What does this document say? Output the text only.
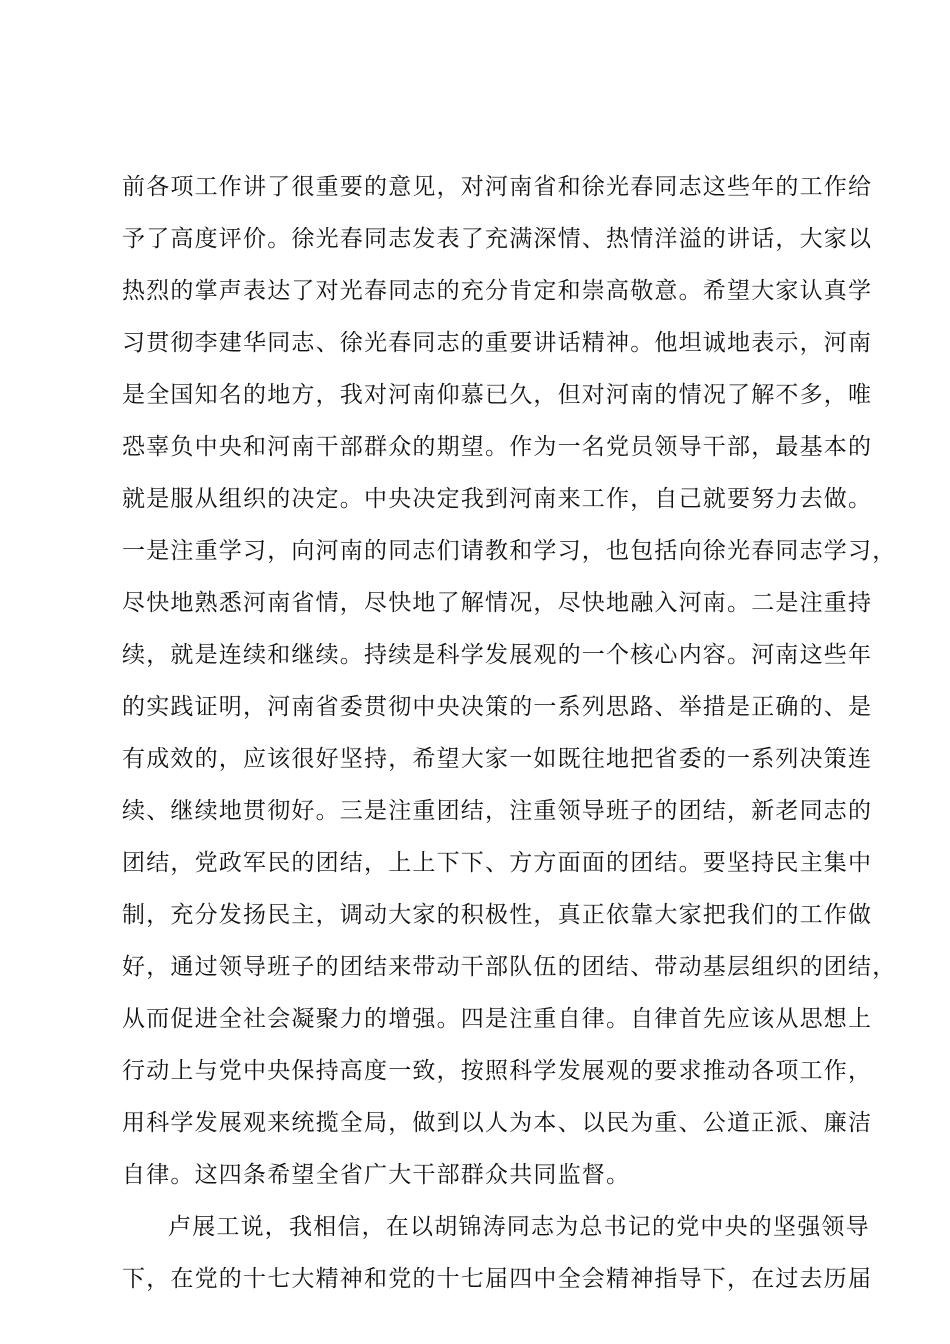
前各项工作讲了很重要的意见，对河南省和徐光春同志这些年的工作给
予了高度评价。徐光春同志发表了充满深情、热情洋溢的讲话，大家以
热烈的掌声表达了对光春同志的充分肯定和崇高敬意。希望大家认真学
习贯彻李建华同志、徐光春同志的重要讲话精神。他坦诚地表示，河南
是全国知名的地方，我对河南仰慕已久，但对河南的情况了解不多，唯
恐辜负中央和河南干部群众的期望。作为一名党员领导干部，最基本的
就是服从组织的决定。中央决定我到河南来工作，自己就要努力去做。
一是注重学习，向河南的同志们请教和学习，也包括向徐光春同志学习，
尽快地熟悉河南省情，尽快地了解情况，尽快地融入河南。二是注重持
续，就是连续和继续。持续是科学发展观的一个核心内容。河南这些年
的实践证明，河南省委贯彻中央决策的一系列思路、举措是正确的、是
有成效的，应该很好坚持，希望大家一如既往地把省委的一系列决策连
续、继续地贯彻好。三是注重团结，注重领导班子的团结，新老同志的
团结，党政军民的团结，上上下下、方方面面的团结。要坚持民主集中
制，充分发扬民主，调动大家的积极性，真正依靠大家把我们的工作做
好，通过领导班子的团结来带动干部队伍的团结、带动基层组织的团结，
从而促进全社会凝聚力的增强。四是注重自律。自律首先应该从思想上
行动上与党中央保持高度一致，按照科学发展观的要求推动各项工作，
用科学发展观来统揽全局，做到以人为本、以民为重、公道正派、廉洁
自律。这四条希望全省广大干部群众共同监督。
卢展工说，我相信，在以胡锦涛同志为总书记的党中央的坚强领导
下，在党的十七大精神和党的十七届四中全会精神指导下，在过去历届
